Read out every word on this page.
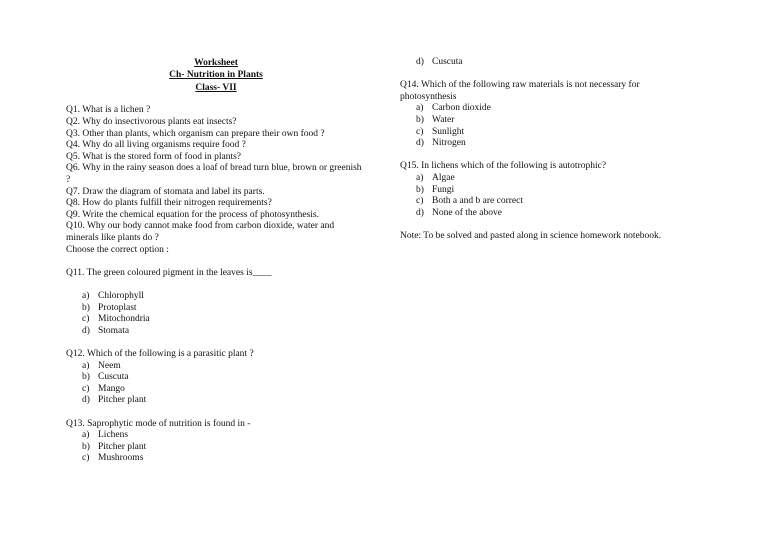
Worksheet
Ch- Nutrition in Plants
Class- VII
Q1. What is a lichen ?
Q2. Why do insectivorous plants eat insects?
Q3. Other than plants, which organism can prepare their own food ?
Q4. Why do all living organisms require food ?
Q5. What is the stored form of food in plants?
Q6. Why in the rainy season does a loaf of bread turn blue, brown or greenish ?
Q7. Draw the diagram of stomata and label its parts.
Q8. How do plants fulfill their nitrogen requirements?
Q9. Write the chemical equation for the process of photosynthesis.
Q10. Why our body cannot make food from carbon dioxide, water and minerals like plants do ?
Choose the correct option :
Q11. The green coloured pigment in the leaves is____
a) Chlorophyll
b) Protoplast
c) Mitochondria
d) Stomata
Q12. Which of the following is a parasitic plant ?
a) Neem
b) Cuscuta
c) Mango
d) Pitcher plant
Q13. Saprophytic mode of nutrition is found in -
a) Lichens
b) Pitcher plant
c) Mushrooms
d) Cuscuta
Q14. Which of the following raw materials is not necessary for photosynthesis
a) Carbon dioxide
b) Water
c) Sunlight
d) Nitrogen
Q15. In lichens which of the following is autotrophic?
a) Algae
b) Fungi
c) Both a and b are correct
d) None of the above
Note: To be solved and pasted along in science homework notebook.
